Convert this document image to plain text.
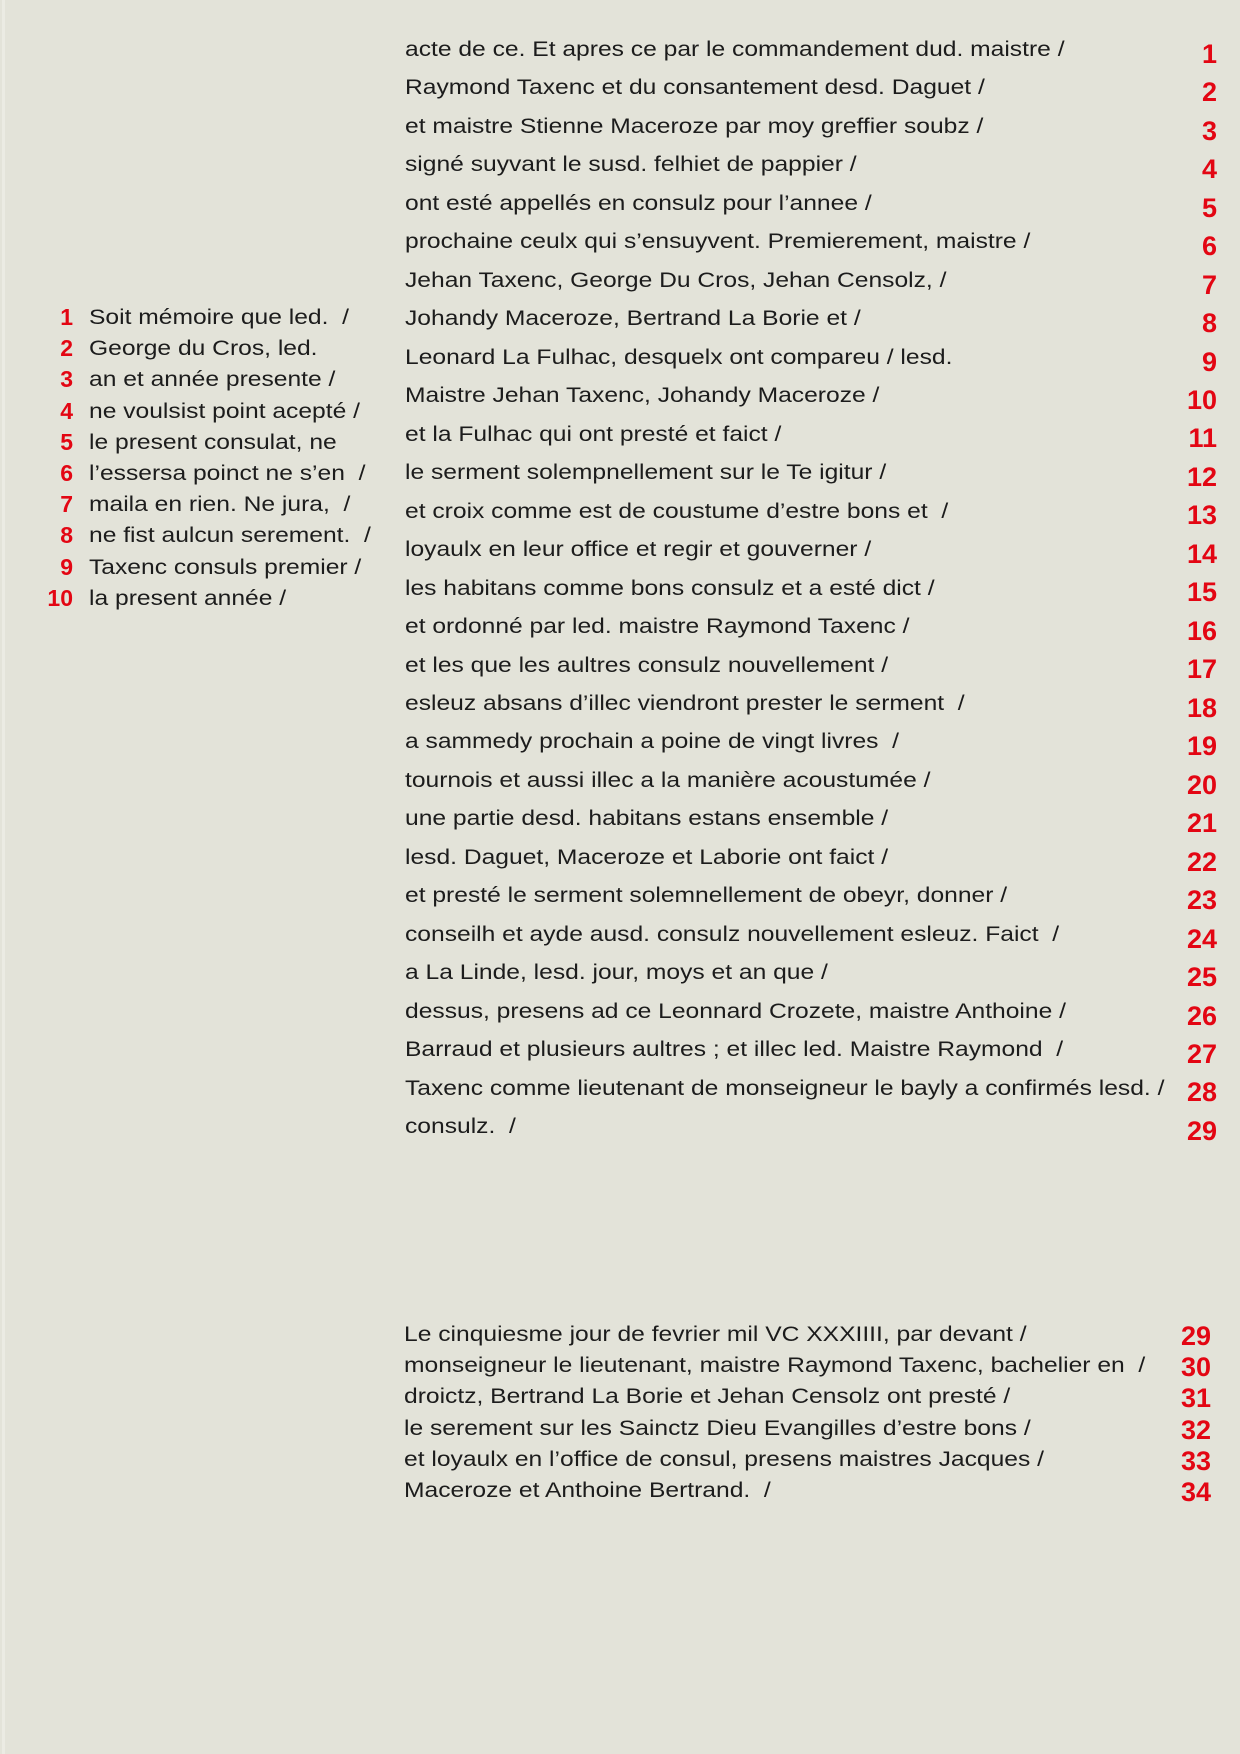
1 Soit mémoire que led.  /
2 George du Cros, led.
3 an et année presente /
4 ne voulsist point acepté /
5 le present consulat, ne
6 l’essersa poinct ne s’en  /
7 maila en rien. Ne jura,  /
8 ne fist aulcun serement.  /
9 Taxenc consuls premier /
10 la present année /
1
acte de ce. Et apres ce par le commandement dud. maistre /
2
Raymond Taxenc et du consantement desd. Daguet /
3
et maistre Stienne Maceroze par moy greffier soubz /
4
signé suyvant le susd. felhiet de pappier /
5
ont esté appellés en consulz pour l’annee /
6
prochaine ceulx qui s’ensuyvent. Premierement, maistre /
7
Jehan Taxenc, George Du Cros, Jehan Censolz, /
8
Johandy Maceroze, Bertrand La Borie et /
9
Leonard La Fulhac, desquelx ont compareu / lesd.
10
Maistre Jehan Taxenc, Johandy Maceroze /
11
et la Fulhac qui ont presté et faict /
12
le serment solempnellement sur le Te igitur /
13
et croix comme est de coustume d’estre bons et  /
14
loyaulx en leur office et regir et gouverner /
15
les habitans comme bons consulz et a esté dict /
16
et ordonné par led. maistre Raymond Taxenc /
17
et les que les aultres consulz nouvellement /
18
esleuz absans d’illec viendront prester le serment  /
19
a sammedy prochain a poine de vingt livres  /
20
tournois et aussi illec a la manière acoustumée /
21
une partie desd. habitans estans ensemble /
22
lesd. Daguet, Maceroze et Laborie ont faict /
23
et presté le serment solemnellement de obeyr, donner /
24
conseilh et ayde ausd. consulz nouvellement esleuz. Faict  /
25
a La Linde, lesd. jour, moys et an que /
26
dessus, presens ad ce Leonnard Crozete, maistre Anthoine /
27
Barraud et plusieurs aultres ; et illec led. Maistre Raymond  /
28
Taxenc comme lieutenant de monseigneur le bayly a confirmés lesd. /
29
consulz.  /
29
Le cinquiesme jour de fevrier mil VC XXXIIII, par devant /
30
monseigneur le lieutenant, maistre Raymond Taxenc, bachelier en  /
31
droictz, Bertrand La Borie et Jehan Censolz ont presté /
32
le serement sur les Sainctz Dieu Evangilles d’estre bons /
33
et loyaulx en l’office de consul, presens maistres Jacques /
34
Maceroze et Anthoine Bertrand.  /
